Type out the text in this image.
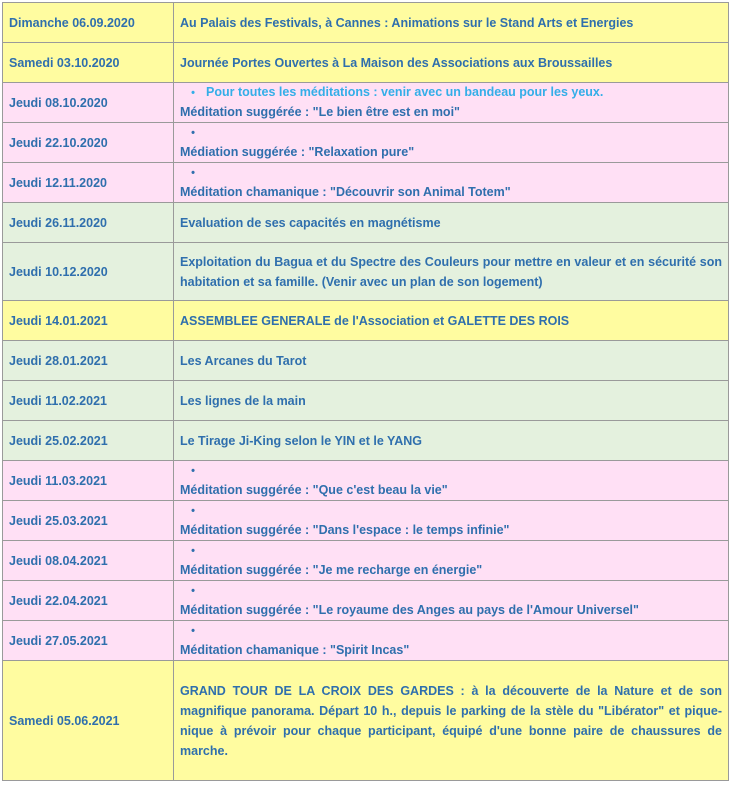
Dimanche 06.09.2020	Au Palais des Festivals, à Cannes : Animations sur le Stand Arts et Energies
Samedi 03.10.2020	Journée Portes Ouvertes à La Maison des Associations aux Broussailles
Jeudi 08.10.2020	• Pour toutes les méditations : venir avec un bandeau pour les yeux.
Méditation suggérée : "Le bien être est en moi"

Jeudi 22.10.2020	•
Médiation suggérée : "Relaxation pure"

Jeudi 12.11.2020	•
Méditation chamanique : "Découvrir son Animal Totem"

Jeudi 26.11.2020	Evaluation de ses capacités en magnétisme
Jeudi 10.12.2020	Exploitation du Bagua et du Spectre des Couleurs pour mettre en valeur et en sécurité son habitation et sa famille. (Venir avec un plan de son logement)
Jeudi 14.01.2021	ASSEMBLEE GENERALE de l'Association et GALETTE DES ROIS
Jeudi 28.01.2021	Les Arcanes du Tarot
Jeudi 11.02.2021	Les lignes de la main
Jeudi 25.02.2021	Le Tirage Ji-King selon le YIN et le YANG
Jeudi 11.03.2021	•
Méditation suggérée : "Que c'est beau la vie"

Jeudi 25.03.2021	•
Méditation suggérée : "Dans l'espace : le temps infinie"

Jeudi 08.04.2021	•
Méditation suggérée : "Je me recharge en énergie"

Jeudi 22.04.2021	•
Méditation suggérée : "Le royaume des Anges au pays de l'Amour Universel"

Jeudi 27.05.2021	•
Méditation chamanique : "Spirit Incas"

Samedi 05.06.2021	GRAND TOUR DE LA CROIX DES GARDES : à la découverte de la Nature et de son magnifique panorama. Départ 10 h., depuis le parking de la stèle du "Libérator" et pique-nique à prévoir pour chaque participant, équipé d'une bonne paire de chaussures de marche.
